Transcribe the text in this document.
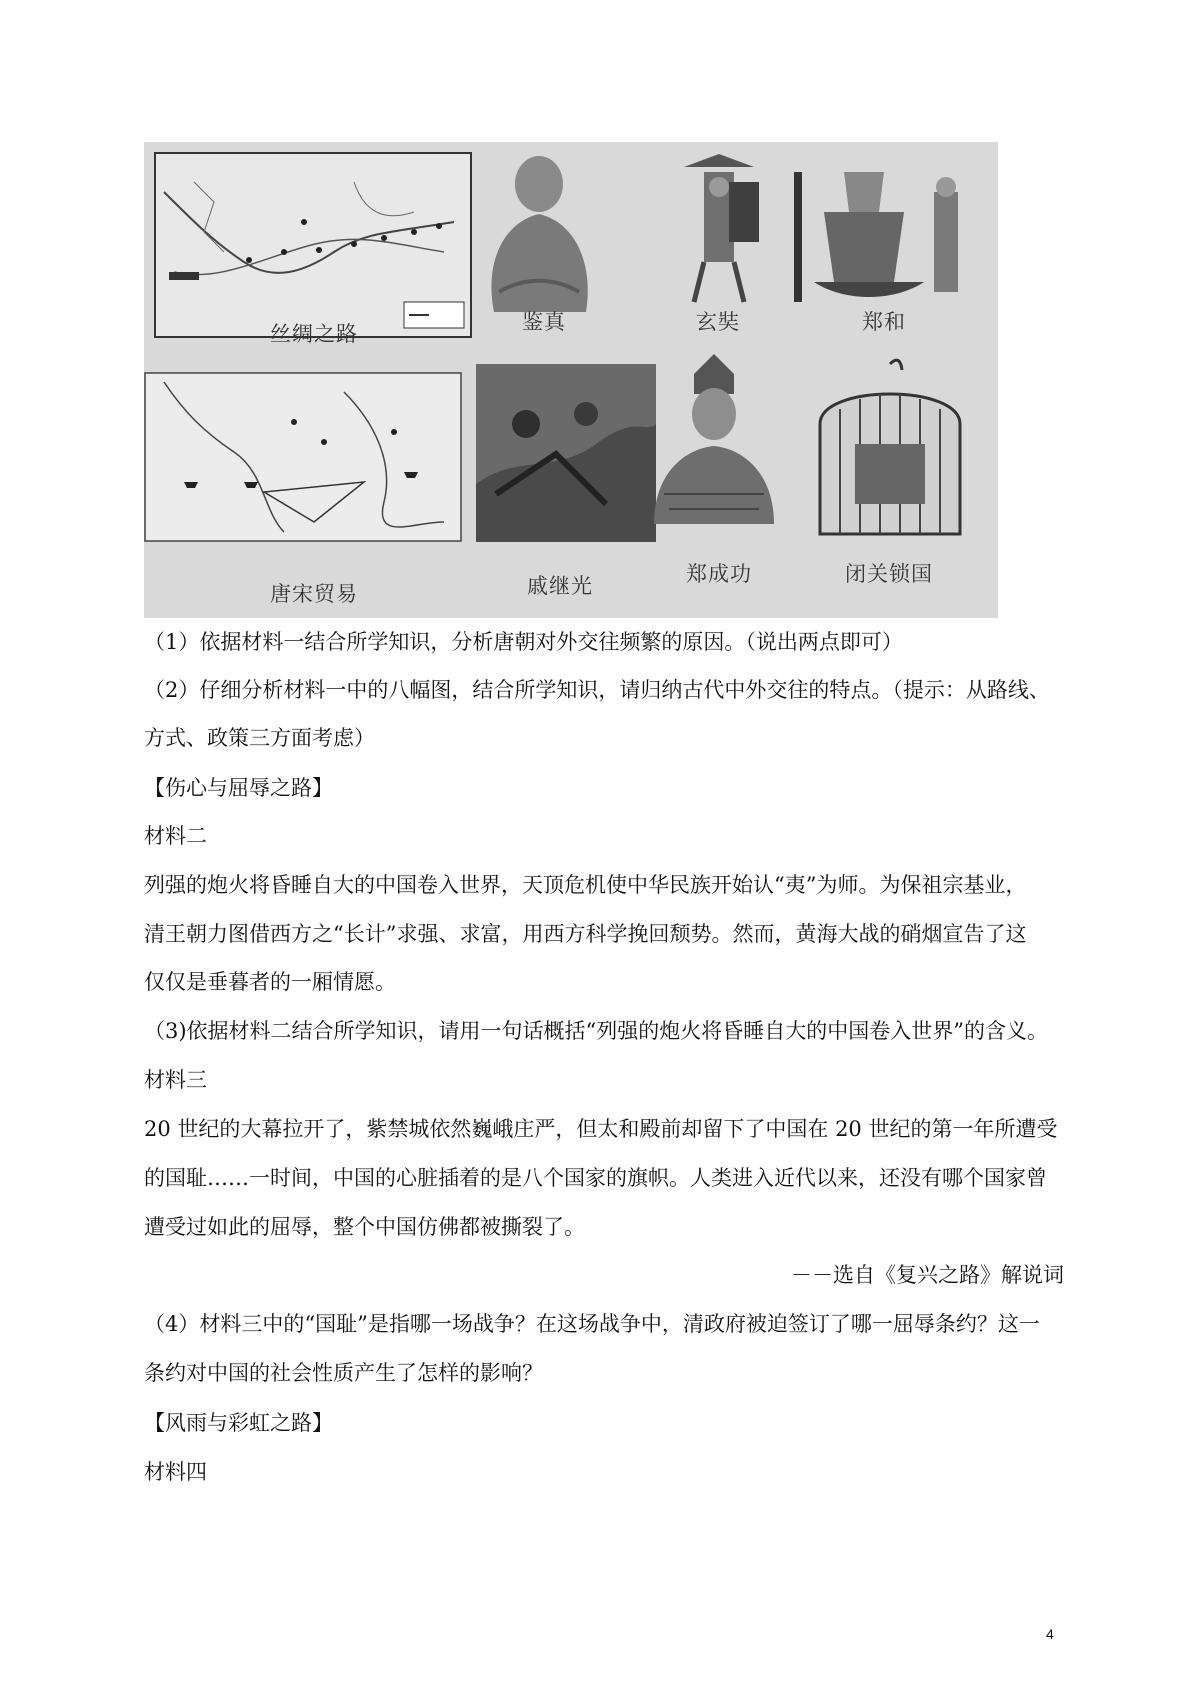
丝绸之路	鉴真	玄奘	郑和
唐宋贸易	戚继光	郑成功	闭关锁国
（1）依据材料一结合所学知识，分析唐朝对外交往频繁的原因。（说出两点即可）
（2）仔细分析材料一中的八幅图，结合所学知识，请归纳古代中外交往的特点。（提示：从路线、
方式、政策三方面考虑）
【伤心与屈辱之路】
材料二
列强的炮火将昏睡自大的中国卷入世界，天顶危机使中华民族开始认“夷”为师。为保祖宗基业，
清王朝力图借西方之“长计”求强、求富，用西方科学挽回颓势。然而，黄海大战的硝烟宣告了这
仅仅是垂暮者的一厢情愿。
（3)依据材料二结合所学知识，请用一句话概括“列强的炮火将昏睡自大的中国卷入世界”的含义。
材料三
20 世纪的大幕拉开了，紫禁城依然巍峨庄严，但太和殿前却留下了中国在 20 世纪的第一年所遭受
的国耻……一时间，中国的心脏插着的是八个国家的旗帜。人类进入近代以来，还没有哪个国家曾
遭受过如此的屈辱，整个中国仿佛都被撕裂了。
－－选自《复兴之路》解说词
（4）材料三中的“国耻”是指哪一场战争？在这场战争中，清政府被迫签订了哪一屈辱条约？这一
条约对中国的社会性质产生了怎样的影响？
【风雨与彩虹之路】
材料四
4
